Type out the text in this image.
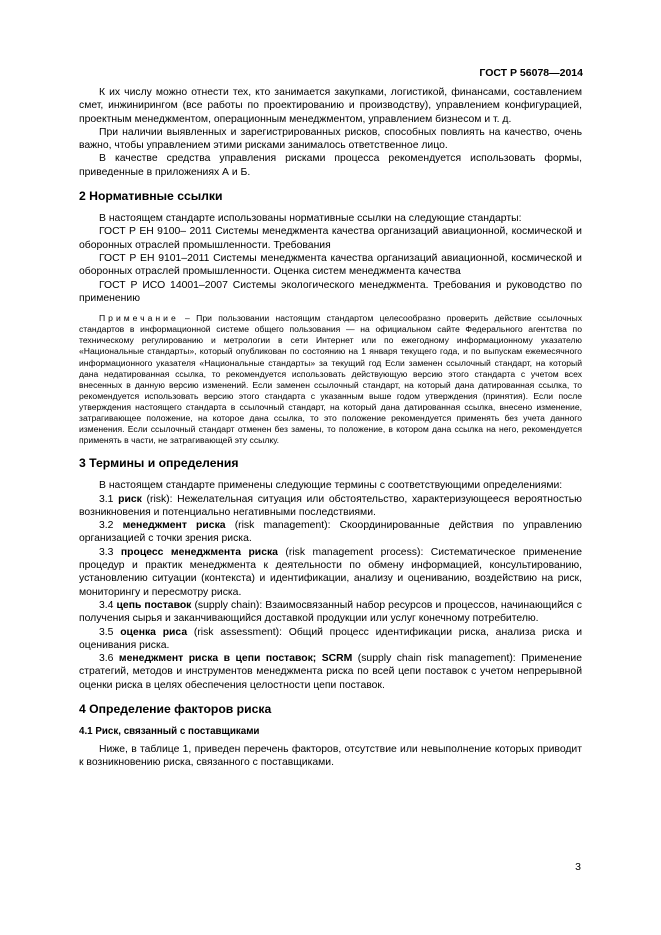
ГОСТ Р 56078—2014

К их числу можно отнести тех, кто занимается закупками, логистикой, финансами, составлением смет, инжинирингом (все работы по проектированию и производству), управлением конфигурацией, проектным менеджментом, операционным менеджментом, управлением бизнесом и т. д.

При наличии выявленных и зарегистрированных рисков, способных повлиять на качество, очень важно, чтобы управлением этими рисками занималось ответственное лицо.

В качестве средства управления рисками процесса рекомендуется использовать формы, приведенные в приложениях А и Б.

2 Нормативные ссылки

В настоящем стандарте использованы нормативные ссылки на следующие стандарты:

ГОСТ Р ЕН 9100– 2011 Системы менеджмента качества организаций авиационной, космической и оборонных отраслей промышленности. Требования

ГОСТ Р ЕН 9101–2011 Системы менеджмента качества организаций авиационной, космической и оборонных отраслей промышленности. Оценка систем менеджмента качества

ГОСТ Р ИСО 14001–2007 Системы экологического менеджмента. Требования и руководство по применению

Примечание – При пользовании настоящим стандартом целесообразно проверить действие ссылочных стандартов в информационной системе общего пользования — на официальном сайте Федерального агентства по техническому регулированию и метрологии в сети Интернет или по ежегодному информационному указателю «Национальные стандарты», который опубликован по состоянию на 1 января текущего года, и по выпускам ежемесячного информационного указателя «Национальные стандарты» за текущий год Если заменен ссылочный стандарт, на который дана недатированная ссылка, то рекомендуется использовать действующую версию этого стандарта с учетом всех внесенных в данную версию изменений. Если заменен ссылочный стандарт, на который дана датированная ссылка, то рекомендуется использовать версию этого стандарта с указанным выше годом утверждения (принятия). Если после утверждения настоящего стандарта в ссылочный стандарт, на который дана датированная ссылка, внесено изменение, затрагивающее положение, на которое дана ссылка, то это положение рекомендуется применять без учета данного изменения. Если ссылочный стандарт отменен без замены, то положение, в котором дана ссылка на него, рекомендуется применять в части, не затрагивающей эту ссылку.

3 Термины и определения

В настоящем стандарте применены следующие термины с соответствующими определениями:

3.1 риск (risk): Нежелательная ситуация или обстоятельство, характеризующееся вероятностью возникновения и потенциально негативными последствиями.

3.2 менеджмент риска (risk management): Скоординированные действия по управлению организацией с точки зрения риска.

3.3 процесс менеджмента риска (risk management process): Систематическое применение процедур и практик менеджмента к деятельности по обмену информацией, консультированию, установлению ситуации (контекста) и идентификации, анализу и оцениванию, воздействию на риск, мониторингу и пересмотру риска.

3.4 цепь поставок (supply chain): Взаимосвязанный набор ресурсов и процессов, начинающийся с получения сырья и заканчивающийся доставкой продукции или услуг конечному потребителю.

3.5 оценка риса (risk assessment): Общий процесс идентификации риска, анализа риска и оценивания риска.

3.6 менеджмент риска в цепи поставок; SCRM (supply chain risk management): Применение стратегий, методов и инструментов менеджмента риска по всей цепи поставок с учетом непрерывной оценки риска в целях обеспечения целостности цепи поставок.

4 Определение факторов риска
4.1 Риск, связанный с поставщиками

Ниже, в таблице 1, приведен перечень факторов, отсутствие или невыполнение которых приводит к возникновению риска, связанного с поставщиками.

3
